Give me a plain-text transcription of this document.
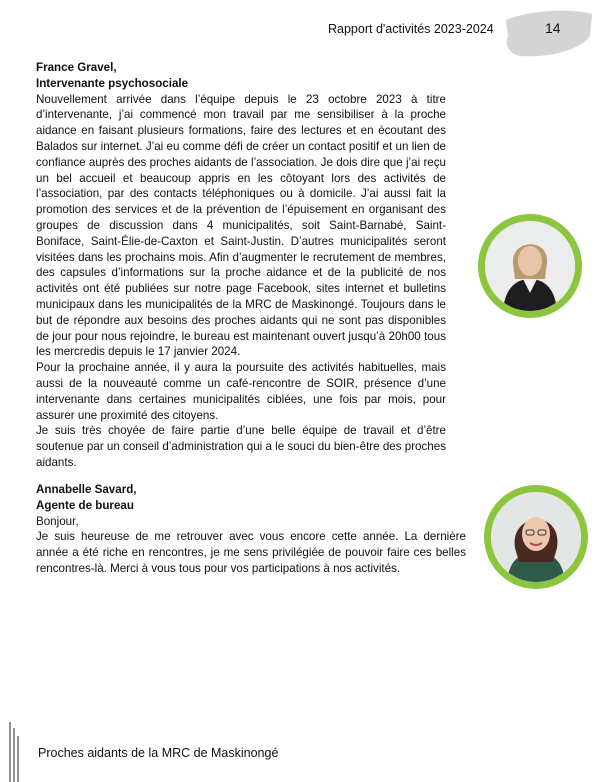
Rapport d'activités 2023-2024	14
France Gravel,
Intervenante psychosociale

Nouvellement arrivée dans l’équipe depuis le 23 octobre 2023 à titre d’intervenante, j’ai commencé mon travail par me sensibiliser à la proche aidance en faisant plusieurs formations, faire des lectures et en écoutant des Balados sur internet. J’ai eu comme défi de créer un contact positif et un lien de confiance auprès des proches aidants de l’association. Je dois dire que j’ai reçu un bel accueil et beaucoup appris en les côtoyant lors des activités de l’association, par des contacts téléphoniques ou à domicile. J’ai aussi fait la promotion des services et de la prévention de l’épuisement en organisant des groupes de discussion dans 4 municipalités, soit Saint-Barnabé, Saint-Boniface, Saint-Élie-de-Caxton et Saint-Justin. D’autres municipalités seront visitées dans les prochains mois. Afin d’augmenter le recrutement de membres, des capsules d’informations sur la proche aidance et de la publicité de nos activités ont été publiées sur notre page Facebook, sites internet et bulletins municipaux dans les municipalités de la MRC de Maskinongé. Toujours dans le but de répondre aux besoins des proches aidants qui ne sont pas disponibles de jour pour nous rejoindre, le bureau est maintenant ouvert jusqu’à 20h00 tous les mercredis depuis le 17 janvier 2024.

Pour la prochaine année, il y aura la poursuite des activités habituelles, mais aussi de la nouveauté comme un café-rencontre de SOIR, présence d’une intervenante dans certaines municipalités ciblées, une fois par mois, pour assurer une proximité des citoyens.

Je suis très choyée de faire partie d’une belle équipe de travail et d’être soutenue par un conseil d’administration qui a le souci du bien-être des proches aidants.

Annabelle Savard,
Agente de bureau

Bonjour,

Je suis heureuse de me retrouver avec vous encore cette année. La dernière année a été riche en rencontres, je me sens privilégiée de pouvoir faire ces belles rencontres-là. Merci à vous tous pour vos participations à nos activités.

Proches aidants de la MRC de Maskinongé
